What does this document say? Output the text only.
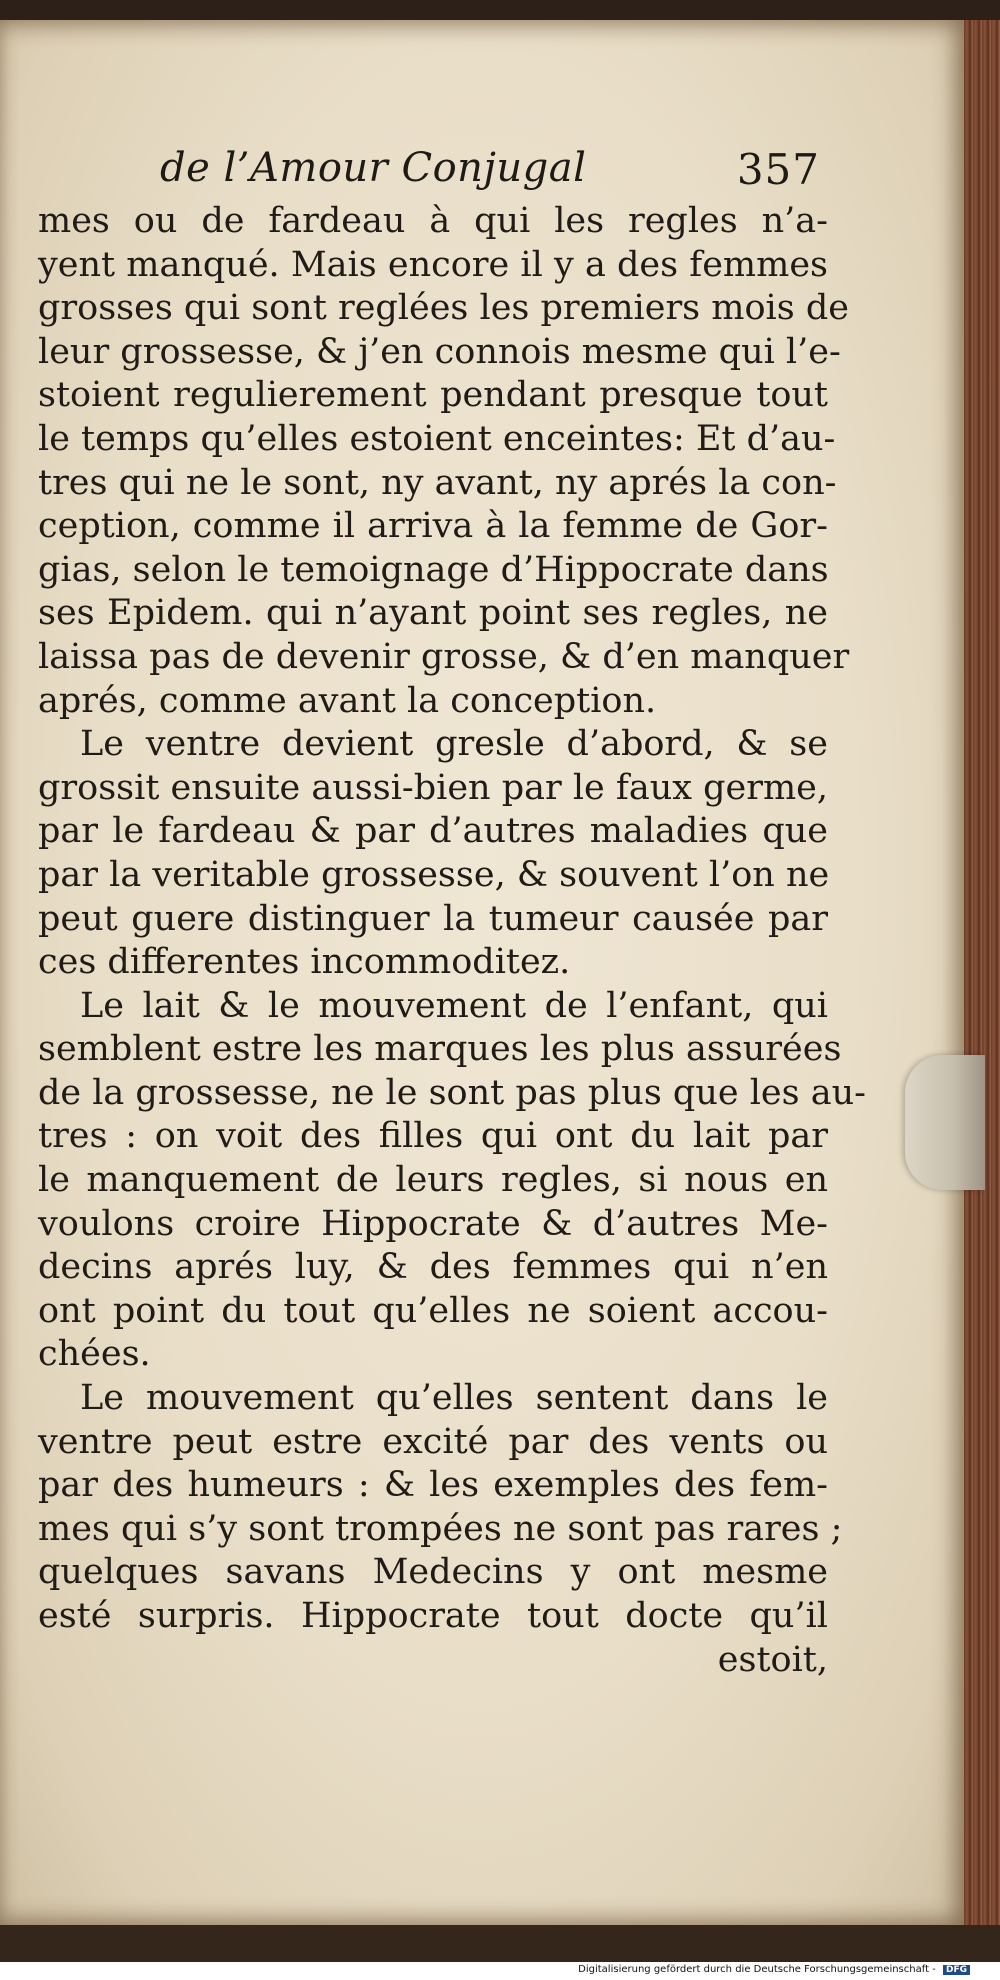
de l’Amour Conjugal	357
mes ou de fardeau à qui les regles n’a-
yent manqué. Mais encore il y a des femmes
grosses qui sont reglées les premiers mois de
leur grossesse, & j’en connois mesme qui l’e-
stoient regulierement pendant presque tout
le temps qu’elles estoient enceintes: Et d’au-
tres qui ne le sont, ny avant, ny aprés la con-
ception, comme il arriva à la femme de Gor-
gias, selon le temoignage d’Hippocrate dans
ses Epidem. qui n’ayant point ses regles, ne
laissa pas de devenir grosse, & d’en manquer
aprés, comme avant la conception.
Le ventre devient gresle d’abord, & se
grossit ensuite aussi-bien par le faux germe,
par le fardeau & par d’autres maladies que
par la veritable grossesse, & souvent l’on ne
peut guere distinguer la tumeur causée par
ces differentes incommoditez.
Le lait & le mouvement de l’enfant, qui
semblent estre les marques les plus assurées
de la grossesse, ne le sont pas plus que les au-
tres : on voit des filles qui ont du lait par
le manquement de leurs regles, si nous en
voulons croire Hippocrate & d’autres Me-
decins aprés luy, & des femmes qui n’en
ont point du tout qu’elles ne soient accou-
chées.
Le mouvement qu’elles sentent dans le
ventre peut estre excité par des vents ou
par des humeurs : & les exemples des fem-
mes qui s’y sont trompées ne sont pas rares ;
quelques savans Medecins y ont mesme
esté surpris. Hippocrate tout docte qu’il
estoit,
Digitalisierung gefördert durch die Deutsche Forschungsgemeinschaft - DFG
